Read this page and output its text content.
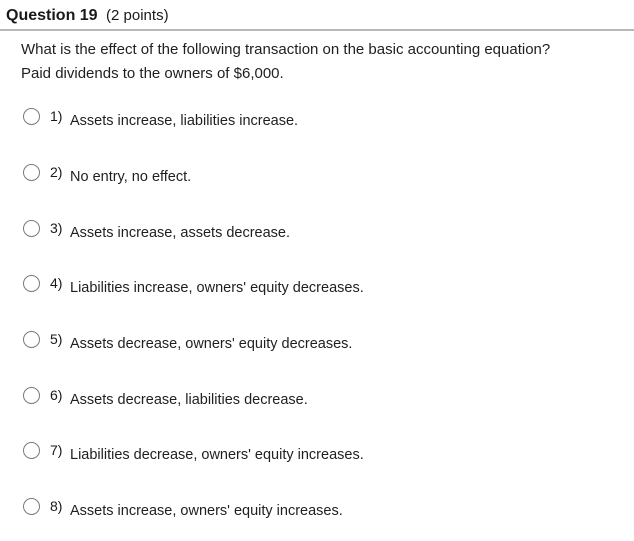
Question 19 (2 points)
What is the effect of the following transaction on the basic accounting equation?
Paid dividends to the owners of $6,000.
1) Assets increase, liabilities increase.
2) No entry, no effect.
3) Assets increase, assets decrease.
4) Liabilities increase, owners' equity decreases.
5) Assets decrease, owners' equity decreases.
6) Assets decrease, liabilities decrease.
7) Liabilities decrease, owners' equity increases.
8) Assets increase, owners' equity increases.
